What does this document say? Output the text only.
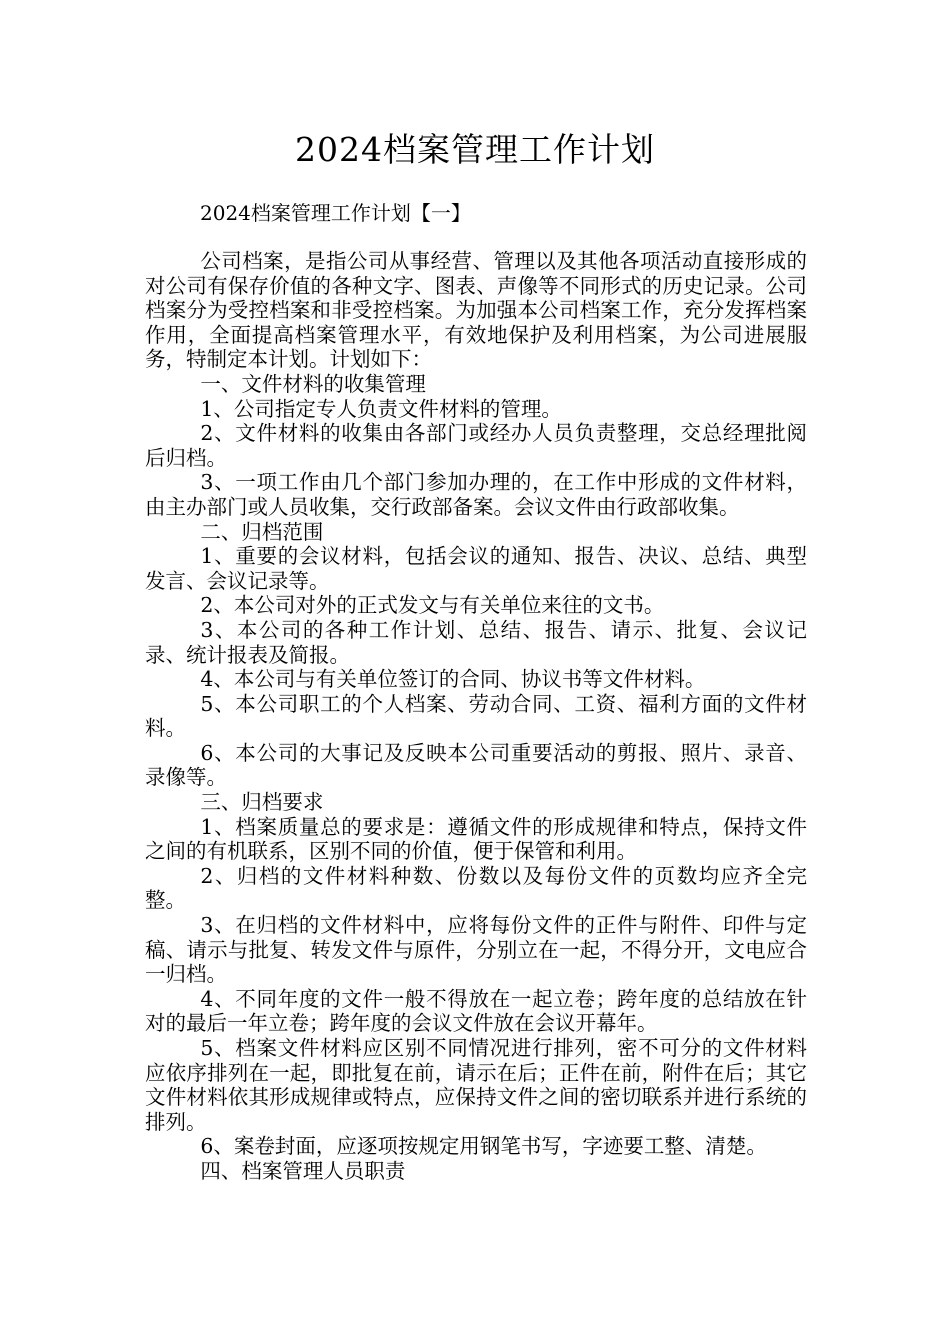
2024档案管理工作计划
2024档案管理工作计划【一】

公司档案，是指公司从事经营、管理以及其他各项活动直接形成的对公司有保存价值的各种文字、图表、声像等不同形式的历史记录。公司档案分为受控档案和非受控档案。为加强本公司档案工作，充分发挥档案作用，全面提高档案管理水平，有效地保护及利用档案，为公司进展服务，特制定本计划。计划如下：

一、文件材料的收集管理

1、公司指定专人负责文件材料的管理。

2、文件材料的收集由各部门或经办人员负责整理，交总经理批阅后归档。

3、一项工作由几个部门参加办理的，在工作中形成的文件材料，由主办部门或人员收集，交行政部备案。会议文件由行政部收集。

二、归档范围

1、重要的会议材料，包括会议的通知、报告、决议、总结、典型发言、会议记录等。

2、本公司对外的正式发文与有关单位来往的文书。

3、本公司的各种工作计划、总结、报告、请示、批复、会议记录、统计报表及简报。

4、本公司与有关单位签订的合同、协议书等文件材料。

5、本公司职工的个人档案、劳动合同、工资、福利方面的文件材料。

6、本公司的大事记及反映本公司重要活动的剪报、照片、录音、录像等。

三、归档要求

1、档案质量总的要求是：遵循文件的形成规律和特点，保持文件之间的有机联系，区别不同的价值，便于保管和利用。

2、归档的文件材料种数、份数以及每份文件的页数均应齐全完整。

3、在归档的文件材料中，应将每份文件的正件与附件、印件与定稿、请示与批复、转发文件与原件，分别立在一起，不得分开，文电应合一归档。

4、不同年度的文件一般不得放在一起立卷；跨年度的总结放在针对的最后一年立卷；跨年度的会议文件放在会议开幕年。

5、档案文件材料应区别不同情况进行排列，密不可分的文件材料应依序排列在一起，即批复在前，请示在后；正件在前，附件在后；其它文件材料依其形成规律或特点，应保持文件之间的密切联系并进行系统的排列。

6、案卷封面，应逐项按规定用钢笔书写，字迹要工整、清楚。

四、档案管理人员职责
